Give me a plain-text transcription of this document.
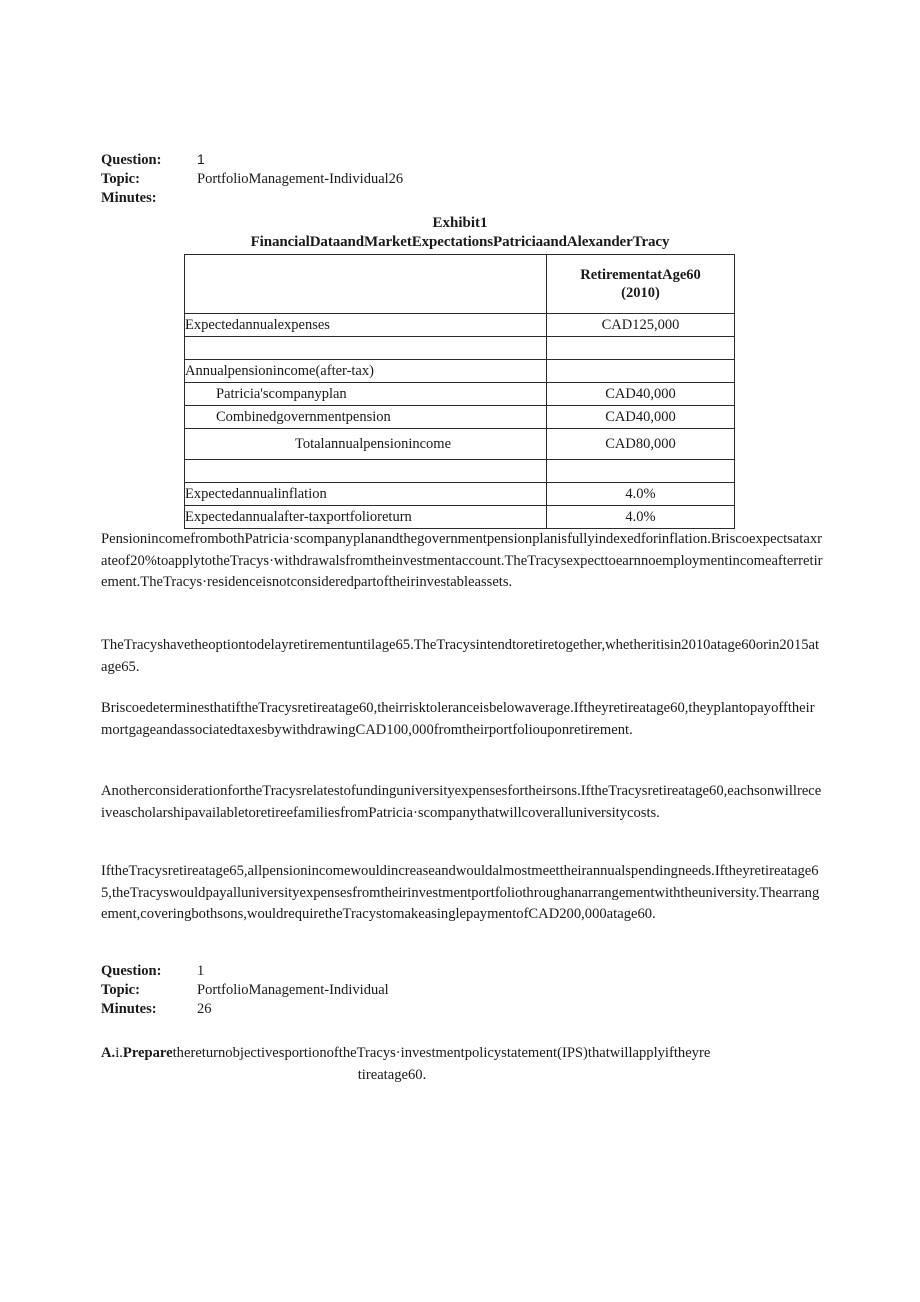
Question:	1
Topic:	PortfolioManagement-Individual26
Minutes:
Exhibit1
FinancialDataandMarketExpectationsPatriciaandAlexanderTracy

	RetirementatAge60
(2010)

Expectedannualexpenses	CAD125,000

Annualpensionincome(after-tax)	
Patricia'scompanyplan	CAD40,000
Combinedgovernmentpension	CAD40,000
Totalannualpensionincome	CAD80,000

Expectedannualinflation	4.0%
Expectedannualafter-taxportfolioreturn	4.0%
PensionincomefrombothPatricia·scompanyplanandthegovernmentpensionplanisfullyindexedforinflation.Briscoexpectsataxrateof20%toapplytotheTracys·withdrawalsfromtheinvestmentaccount.TheTracysexpecttoearnnoemploymentincomeafterretirement.TheTracys·residenceisnotconsideredpartoftheirinvestableassets.
TheTracyshavetheoptiontodelayretirementuntilage65.TheTracysintendtoretiretogether,whetheritisin2010atage60orin2015atage65.
BriscoedeterminesthatiftheTracysretireatage60,theirrisktoleranceisbelowaverage.Iftheyretireatage60,theyplantopayofftheirmortgageandassociatedtaxesbywithdrawingCAD100,000fromtheirportfoliouponretirement.
AnotherconsiderationfortheTracysrelatestofundinguniversityexpensesfortheirsons.IftheTracysretireatage60,eachsonwillreceiveascholarshipavailabletoretireefamiliesfromPatricia·scompanythatwillcoveralluniversitycosts.
IftheTracysretireatage65,allpensionincomewouldincreaseandwouldalmostmeettheirannualspendingneeds.Iftheyretireatage65,theTracyswouldpayalluniversityexpensesfromtheirinvestmentportfoliothroughanarrangementwiththeuniversity.Thearrangement,coveringbothsons,wouldrequiretheTracystomakeasinglepaymentofCAD200,000atage60.
Question:	1
Topic:	PortfolioManagement-Individual
Minutes:	26
A.i.PreparethereturnobjectivesportionoftheTracys·investmentpolicystatement(IPS)thatwillapplyiftheyre
tireatage60.
